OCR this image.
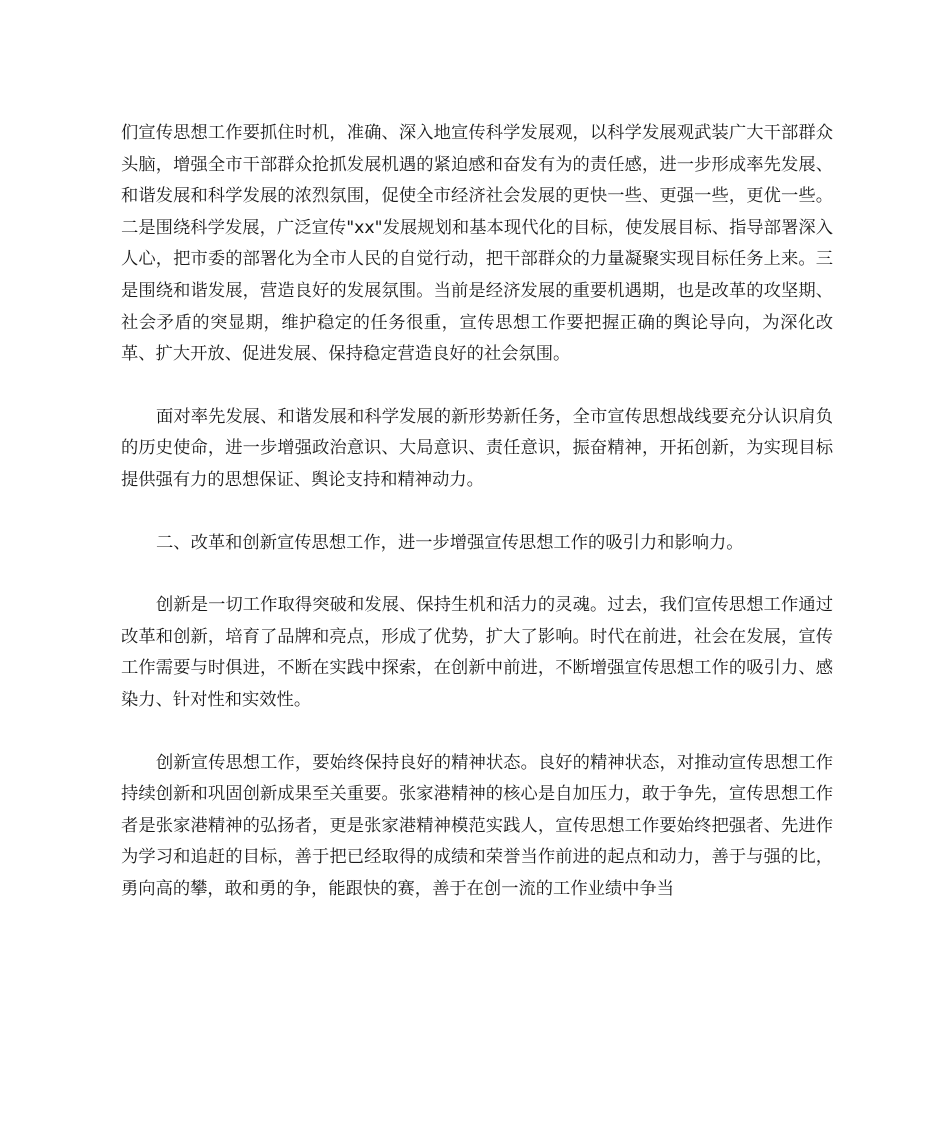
们宣传思想工作要抓住时机，准确、深入地宣传科学发展观，以科学发展观武装广大干部群众头脑，增强全市干部群众抢抓发展机遇的紧迫感和奋发有为的责任感，进一步形成率先发展、和谐发展和科学发展的浓烈氛围，促使全市经济社会发展的更快一些、更强一些，更优一些。二是围绕科学发展，广泛宣传"xx"发展规划和基本现代化的目标，使发展目标、指导部署深入人心，把市委的部署化为全市人民的自觉行动，把干部群众的力量凝聚实现目标任务上来。三是围绕和谐发展，营造良好的发展氛围。当前是经济发展的重要机遇期，也是改革的攻坚期、社会矛盾的突显期，维护稳定的任务很重，宣传思想工作要把握正确的舆论导向，为深化改革、扩大开放、促进发展、保持稳定营造良好的社会氛围。

面对率先发展、和谐发展和科学发展的新形势新任务，全市宣传思想战线要充分认识肩负的历史使命，进一步增强政治意识、大局意识、责任意识，振奋精神，开拓创新，为实现目标提供强有力的思想保证、舆论支持和精神动力。

二、改革和创新宣传思想工作，进一步增强宣传思想工作的吸引力和影响力。

创新是一切工作取得突破和发展、保持生机和活力的灵魂。过去，我们宣传思想工作通过改革和创新，培育了品牌和亮点，形成了优势，扩大了影响。时代在前进，社会在发展，宣传工作需要与时俱进，不断在实践中探索，在创新中前进，不断增强宣传思想工作的吸引力、感染力、针对性和实效性。

创新宣传思想工作，要始终保持良好的精神状态。良好的精神状态，对推动宣传思想工作持续创新和巩固创新成果至关重要。张家港精神的核心是自加压力，敢于争先，宣传思想工作者是张家港精神的弘扬者，更是张家港精神模范实践人，宣传思想工作要始终把强者、先进作为学习和追赶的目标，善于把已经取得的成绩和荣誉当作前进的起点和动力，善于与强的比，勇向高的攀，敢和勇的争，能跟快的赛，善于在创一流的工作业绩中争当
